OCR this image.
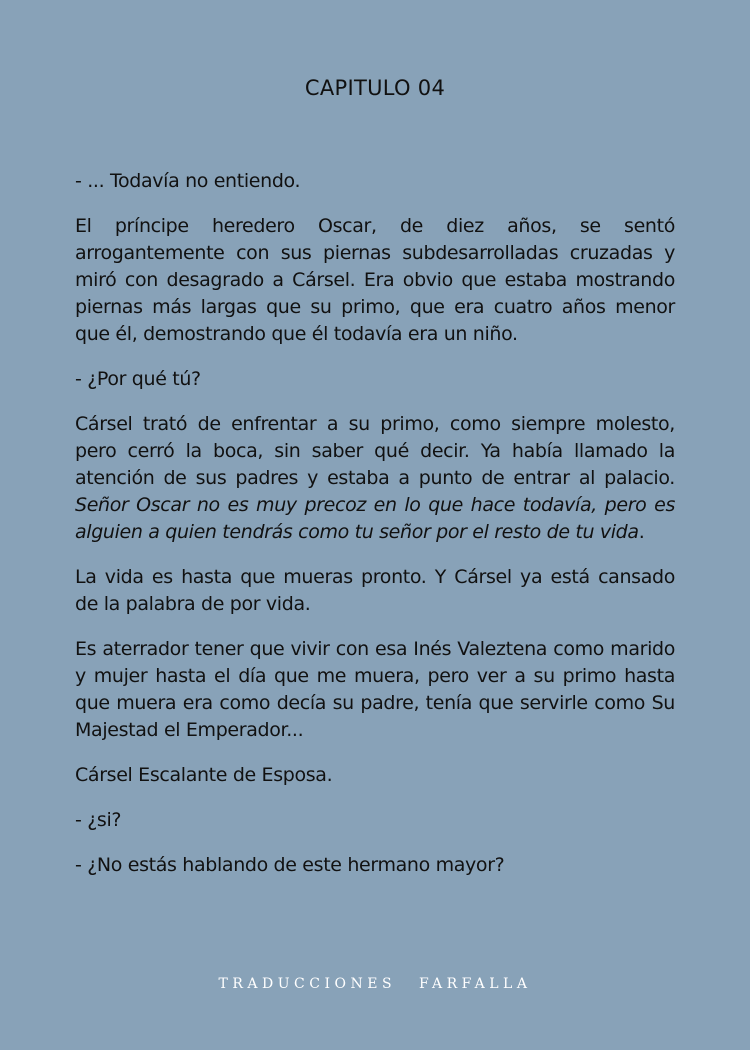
CAPITULO 04

- ... Todavía no entiendo.

El príncipe heredero Oscar, de diez años, se sentó arrogantemente con sus piernas subdesarrolladas cruzadas y miró con desagrado a Cársel. Era obvio que estaba mostrando piernas más largas que su primo, que era cuatro años menor que él, demostrando que él todavía era un niño.

- ¿Por qué tú?

Cársel trató de enfrentar a su primo, como siempre molesto, pero cerró la boca, sin saber qué decir. Ya había llamado la atención de sus padres y estaba a punto de entrar al palacio. Señor Oscar no es muy precoz en lo que hace todavía, pero es alguien a quien tendrás como tu señor por el resto de tu vida.

La vida es hasta que mueras pronto. Y Cársel ya está cansado de la palabra de por vida.

Es aterrador tener que vivir con esa Inés Valeztena como marido y mujer hasta el día que me muera, pero ver a su primo hasta que muera era como decía su padre, tenía que servirle como Su Majestad el Emperador...

Cársel Escalante de Esposa.

- ¿si?

- ¿No estás hablando de este hermano mayor?

TRADUCCIONES FARFALLA
